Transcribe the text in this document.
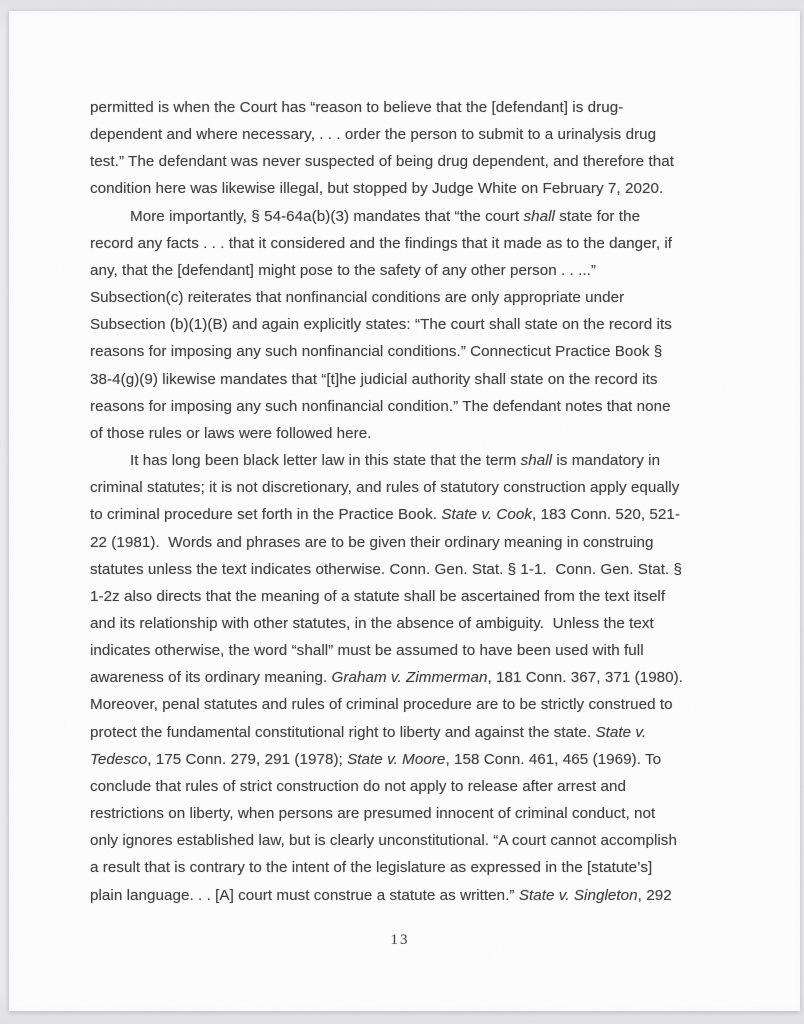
permitted is when the Court has “reason to believe that the [defendant] is drug-
dependent and where necessary, . . . order the person to submit to a urinalysis drug
test.” The defendant was never suspected of being drug dependent, and therefore that
condition here was likewise illegal, but stopped by Judge White on February 7, 2020.
More importantly, § 54-64a(b)(3) mandates that “the court shall state for the
record any facts . . . that it considered and the findings that it made as to the danger, if
any, that the [defendant] might pose to the safety of any other person . . ...”
Subsection(c) reiterates that nonfinancial conditions are only appropriate under
Subsection (b)(1)(B) and again explicitly states: “The court shall state on the record its
reasons for imposing any such nonfinancial conditions.” Connecticut Practice Book §
38-4(g)(9) likewise mandates that “[t]he judicial authority shall state on the record its
reasons for imposing any such nonfinancial condition.” The defendant notes that none
of those rules or laws were followed here.
It has long been black letter law in this state that the term shall is mandatory in
criminal statutes; it is not discretionary, and rules of statutory construction apply equally
to criminal procedure set forth in the Practice Book. State v. Cook, 183 Conn. 520, 521-
22 (1981).  Words and phrases are to be given their ordinary meaning in construing
statutes unless the text indicates otherwise. Conn. Gen. Stat. § 1-1.  Conn. Gen. Stat. §
1-2z also directs that the meaning of a statute shall be ascertained from the text itself
and its relationship with other statutes, in the absence of ambiguity.  Unless the text
indicates otherwise, the word “shall” must be assumed to have been used with full
awareness of its ordinary meaning. Graham v. Zimmerman, 181 Conn. 367, 371 (1980).
Moreover, penal statutes and rules of criminal procedure are to be strictly construed to
protect the fundamental constitutional right to liberty and against the state. State v.
Tedesco, 175 Conn. 279, 291 (1978); State v. Moore, 158 Conn. 461, 465 (1969). To
conclude that rules of strict construction do not apply to release after arrest and
restrictions on liberty, when persons are presumed innocent of criminal conduct, not
only ignores established law, but is clearly unconstitutional. “A court cannot accomplish
a result that is contrary to the intent of the legislature as expressed in the [statute’s]
plain language. . . [A] court must construe a statute as written.” State v. Singleton, 292
13
